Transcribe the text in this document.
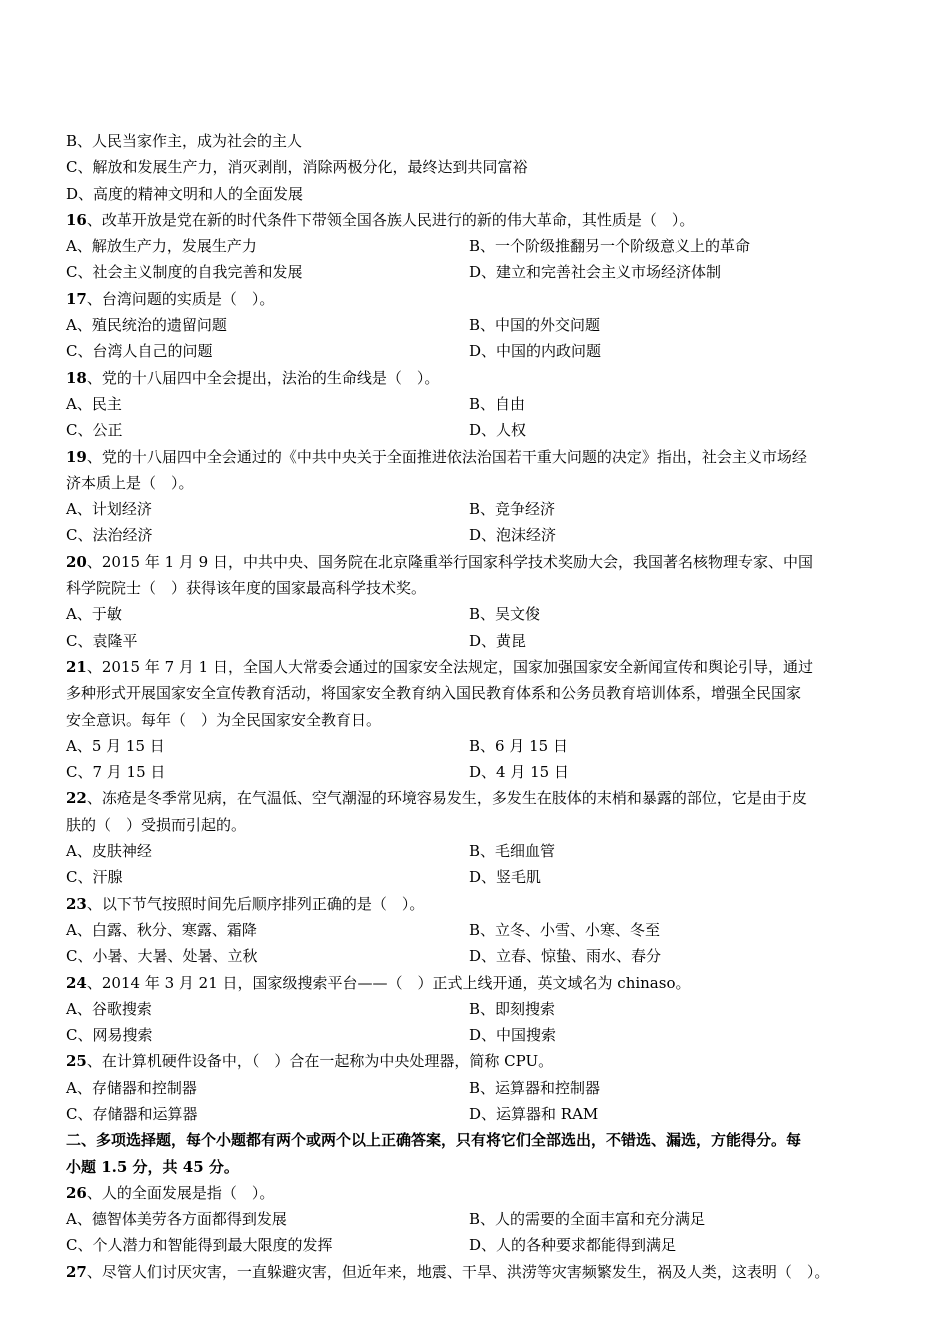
B、人民当家作主，成为社会的主人
C、解放和发展生产力，消灭剥削，消除两极分化，最终达到共同富裕
D、高度的精神文明和人的全面发展
16、改革开放是党在新的时代条件下带领全国各族人民进行的新的伟大革命，其性质是（　）。
A、解放生产力，发展生产力	B、一个阶级推翻另一个阶级意义上的革命
C、社会主义制度的自我完善和发展	D、建立和完善社会主义市场经济体制
17、台湾问题的实质是（　）。
A、殖民统治的遗留问题	B、中国的外交问题
C、台湾人自己的问题	D、中国的内政问题
18、党的十八届四中全会提出，法治的生命线是（　）。
A、民主	B、自由
C、公正	D、人权
19、党的十八届四中全会通过的《中共中央关于全面推进依法治国若干重大问题的决定》指出，社会主义市场经
济本质上是（　）。
A、计划经济	B、竞争经济
C、法治经济	D、泡沫经济
20、2015 年 1 月 9 日，中共中央、国务院在北京隆重举行国家科学技术奖励大会，我国著名核物理专家、中国
科学院院士（　）获得该年度的国家最高科学技术奖。
A、于敏	B、吴文俊
C、袁隆平	D、黄昆
21、2015 年 7 月 1 日，全国人大常委会通过的国家安全法规定，国家加强国家安全新闻宣传和舆论引导，通过
多种形式开展国家安全宣传教育活动，将国家安全教育纳入国民教育体系和公务员教育培训体系，增强全民国家
安全意识。每年（　）为全民国家安全教育日。
A、5 月 15 日	B、6 月 15 日
C、7 月 15 日	D、4 月 15 日
22、冻疮是冬季常见病，在气温低、空气潮湿的环境容易发生，多发生在肢体的末梢和暴露的部位，它是由于皮
肤的（　）受损而引起的。
A、皮肤神经	B、毛细血管
C、汗腺	D、竖毛肌
23、以下节气按照时间先后顺序排列正确的是（　）。
A、白露、秋分、寒露、霜降	B、立冬、小雪、小寒、冬至
C、小暑、大暑、处暑、立秋	D、立春、惊蛰、雨水、春分
24、2014 年 3 月 21 日，国家级搜索平台——（　）正式上线开通，英文域名为 chinaso。
A、谷歌搜索	B、即刻搜索
C、网易搜索	D、中国搜索
25、在计算机硬件设备中，（　）合在一起称为中央处理器，简称 CPU。
A、存储器和控制器	B、运算器和控制器
C、存储器和运算器	D、运算器和 RAM
二、多项选择题，每个小题都有两个或两个以上正确答案，只有将它们全部选出，不错选、漏选，方能得分。每
小题 1.5 分，共 45 分。
26、人的全面发展是指（　）。
A、德智体美劳各方面都得到发展	B、人的需要的全面丰富和充分满足
C、个人潜力和智能得到最大限度的发挥	D、人的各种要求都能得到满足
27、尽管人们讨厌灾害，一直躲避灾害，但近年来，地震、干旱、洪涝等灾害频繁发生，祸及人类，这表明（　）。
